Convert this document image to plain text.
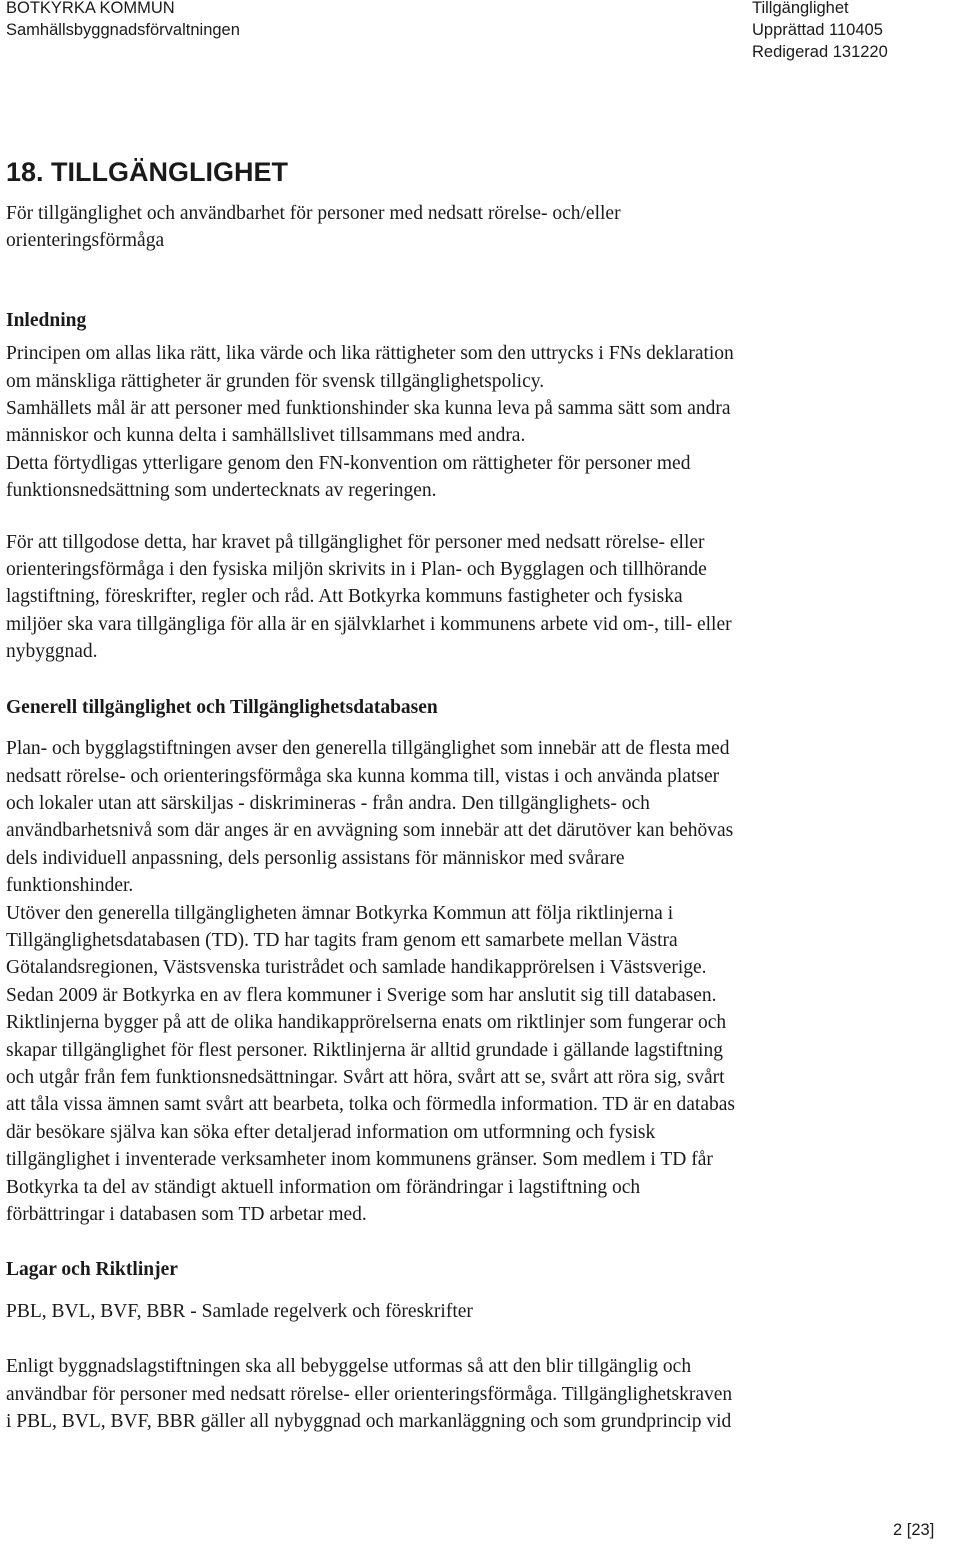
BOTKYRKA KOMMUN
Samhällsbyggnadsförvaltningen
Tillgänglighet
Upprättad 110405
Redigerad 131220
18. TILLGÄNGLIGHET
För tillgänglighet och användbarhet för personer med nedsatt rörelse- och/eller
orienteringsförmåga
Inledning
Principen om allas lika rätt, lika värde och lika rättigheter som den uttrycks i FNs deklaration
om mänskliga rättigheter är grunden för svensk tillgänglighetspolicy.
Samhällets mål är att personer med funktionshinder ska kunna leva på samma sätt som andra
människor och kunna delta i samhällslivet tillsammans med andra.
Detta förtydligas ytterligare genom den FN-konvention om rättigheter för personer med
funktionsnedsättning som undertecknats av regeringen.
För att tillgodose detta, har kravet på tillgänglighet för personer med nedsatt rörelse- eller
orienteringsförmåga i den fysiska miljön skrivits in i Plan- och Bygglagen och tillhörande
lagstiftning, föreskrifter, regler och råd. Att Botkyrka kommuns fastigheter och fysiska
miljöer ska vara tillgängliga för alla är en självklarhet i kommunens arbete vid om-, till- eller
nybyggnad.
Generell tillgänglighet och Tillgänglighetsdatabasen
Plan- och bygglagstiftningen avser den generella tillgänglighet som innebär att de flesta med
nedsatt rörelse- och orienteringsförmåga ska kunna komma till, vistas i och använda platser
och lokaler utan att särskiljas - diskrimineras - från andra. Den tillgänglighets- och
användbarhetsnivå som där anges är en avvägning som innebär att det därutöver kan behövas
dels individuell anpassning, dels personlig assistans för människor med svårare
funktionshinder.
Utöver den generella tillgängligheten ämnar Botkyrka Kommun att följa riktlinjerna i
Tillgänglighetsdatabasen (TD). TD har tagits fram genom ett samarbete mellan Västra
Götalandsregionen, Västsvenska turistrådet och samlade handikapprörelsen i Västsverige.
Sedan 2009 är Botkyrka en av flera kommuner i Sverige som har anslutit sig till databasen.
Riktlinjerna bygger på att de olika handikapprörelserna enats om riktlinjer som fungerar och
skapar tillgänglighet för flest personer. Riktlinjerna är alltid grundade i gällande lagstiftning
och utgår från fem funktionsnedsättningar. Svårt att höra, svårt att se, svårt att röra sig, svårt
att tåla vissa ämnen samt svårt att bearbeta, tolka och förmedla information. TD är en databas
där besökare själva kan söka efter detaljerad information om utformning och fysisk
tillgänglighet i inventerade verksamheter inom kommunens gränser. Som medlem i TD får
Botkyrka ta del av ständigt aktuell information om förändringar i lagstiftning och
förbättringar i databasen som TD arbetar med.
Lagar och Riktlinjer
PBL, BVL, BVF, BBR - Samlade regelverk och föreskrifter
Enligt byggnadslagstiftningen ska all bebyggelse utformas så att den blir tillgänglig och
användbar för personer med nedsatt rörelse- eller orienteringsförmåga. Tillgänglighetskraven
i PBL, BVL, BVF, BBR gäller all nybyggnad och markanläggning och som grundprincip vid
2 [23]
